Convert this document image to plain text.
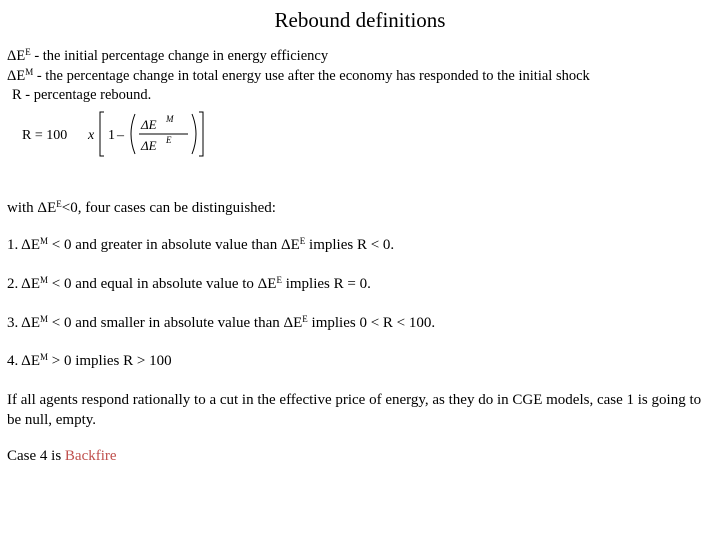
Rebound definitions
$\Delta E^E$ - the initial percentage change in energy efficiency
$\Delta E^M$ - the percentage change in total energy use after the economy has responded to the initial shock
R - percentage rebound.
R = 100 x 1 –
ΔE M
ΔE E
with $\Delta E^E<0$, four cases can be distinguished:
1. $\Delta E^M < 0$ and greater in absolute value than $\Delta E^E$ implies R < 0.
2. $\Delta E^M < 0$ and equal in absolute value to $\Delta E^E$ implies R = 0.
3. $\Delta E^M < 0$ and smaller in absolute value than $\Delta E^E$ implies 0 < R < 100.
4. $\Delta E^M > 0$ implies R > 100
If all agents respond rationally to a cut in the effective price of energy, as they do in CGE models, case 1 is going to be null, empty.
Case 4 is Backfire
